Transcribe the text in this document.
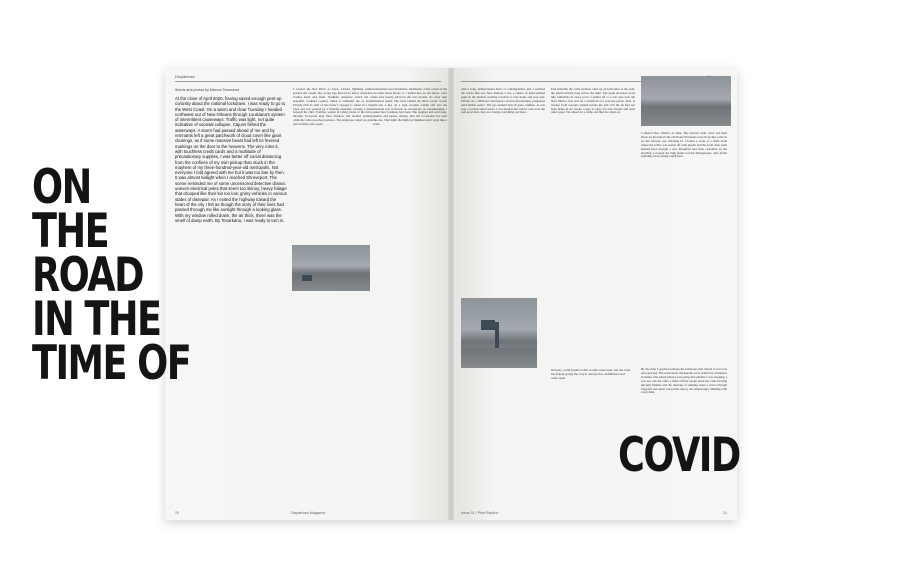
Dispatches
Words and photos by Marcus Townsend
At the close of April 2020, having saved enough pent-up curiosity about the national lockdown, I was ready to go to the West Coast. On a warm and clear Tuesday I headed northwest out of New Orleans through Louisiana's system of intermittent causeways. Traffic was light, not quite indicative of societal collapse. Cajuns fished the waterways. A storm had passed ahead of me and by remnants left a great patchwork of cloud cover like giant clearings, as if some massive beast had left its fevered markings on the door to the heavens. The very roles it, with touchless credit cards and a multitude of precautionary supplies, I was better off social distancing from the confines of my own pickup than stuck in the mayhem of my three-hundred-year-old metropolis. Not everyone I told agreed with me but it was too late by then.
It was almost twilight when I reached Shreveport. The scene reminded me of some uncensored detective drama: uneven electrical poles that seem too skinny, heavy foliage that drooped like their kin too low, grimy vehicles in various states of disrepair. As I exited the highway toward the heart of the city I felt as though the story of their lives had passed through me like sunlight through a looking glass. With my window rolled down, the air thick, there was the smell of damp earth. By Texarkana, I was ready to turn in.
I crossed the Red River at dawn. Various lightning strikes pricked the cloudy sky as big rigs heaved on heavy shoulders, washes flash and flash. Southern Arkansas struck me as beautiful, troubled country. Often it reminded me of South Florida with its rush of live bush. I stopped to refuel in a tiny town and was greeted by a friendly attendant wearing a mask beneath his chin. Families waited in idling trucks at the drive-through. Everyone kept their distance and nodded politely, while the radio preached patience. The landscape rolled on, pine and wetland, pine again.
Somewhere near Texarkana, Oklahoma, at the corner of the two-lane Texas Route 2, I pulled into an old motor court that had barely survived the last decade. Its neon sign flickered green. The clerk behind the thick acrylic screen slid me a key on a long wooden paddle and told me checkout was at eleven, no exceptions, no housekeeping. I asked how business had been. She laughed and said long-haulers and nurses, mostly, plus the occasional lost soul like me. That night the highway hummed and I slept like a stone.
20	Dispatches Magazine
with a long, uninterrupted drive of contemplation, and I watched the towns thin out. Near Denton I saw a cluster of hand-painted signs in the median warning travelers to stay home and stay safe. Further on, a billboard advertised a revival tent meeting, postponed until further notice. The gas stations had all gone cashless. At one stop a woman asked where I was headed and when I said west she said good luck, they are closing everything out there.
Past Amarillo the cattle feedlots came up on both sides of the road, the smell arriving long before the sight. The grain elevators stood like cathedrals in every town. I pulled off at a rest area near the New Mexico line and ate a sandwich at a concrete picnic table. A trucker from Georgia parked beside me and told me he had not been home in six weeks. Cargo is cargo, he said. People still need toilet paper. We talked for a while and then he rolled on.
I entered New Mexico at dusk. The horizon went violet and then black. In Tucumcari the old Route 66 motels were lit up like a movie set but nobody was checking in. I found a room at a chain hotel where the lobby was sealed off with plastic and the front desk clerk handed keys through a slot. Breakfast had been cancelled. In the morning I crossed the high plains toward Albuquerque, dust devils spinning across empty ranch land.
By the time I reached Arizona the landscape had turned to red rock and open sky. The reservation checkpoints were staffed by volunteers in masks who asked where I was going and whether I was stopping. I was not. On the radio a tribal official spoke about the virus moving through families and the shortage of running water. I drove through Flagstaff and down toward the desert, the temperature climbing with every mile.
Nobody could predict what would come next, but the road itself kept going the way it always has, indifferent and wide open.
Issue 01 / Print Replica	21
ON
THE
ROAD
IN THE
TIME OF
COVID
